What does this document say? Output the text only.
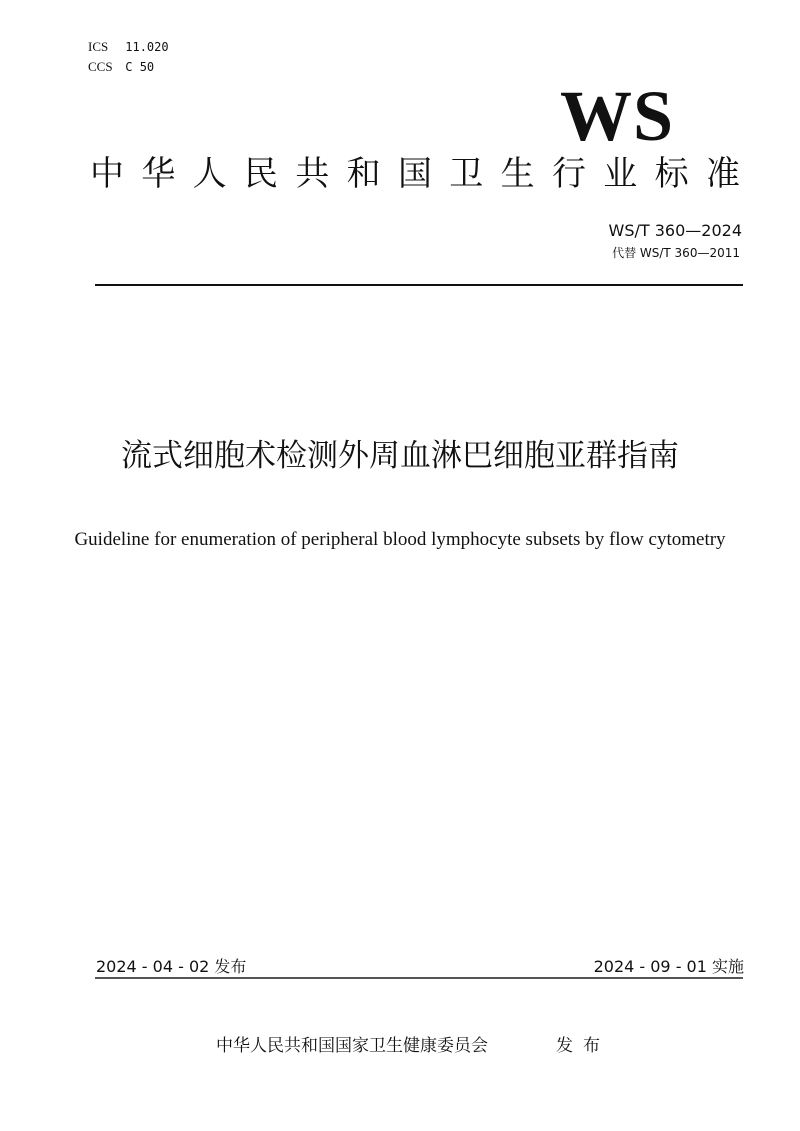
ICS 11.020
CCS C 50
WS
中 华 人 民 共 和 国 卫 生 行 业 标 准
WS/T 360—2024
代替 WS/T 360—2011
流式细胞术检测外周血淋巴细胞亚群指南
Guideline for enumeration of peripheral blood lymphocyte subsets by flow cytometry
2024 - 04 - 02 发布	2024 - 09 - 01 实施
中华人民共和国国家卫生健康委员会	发布
